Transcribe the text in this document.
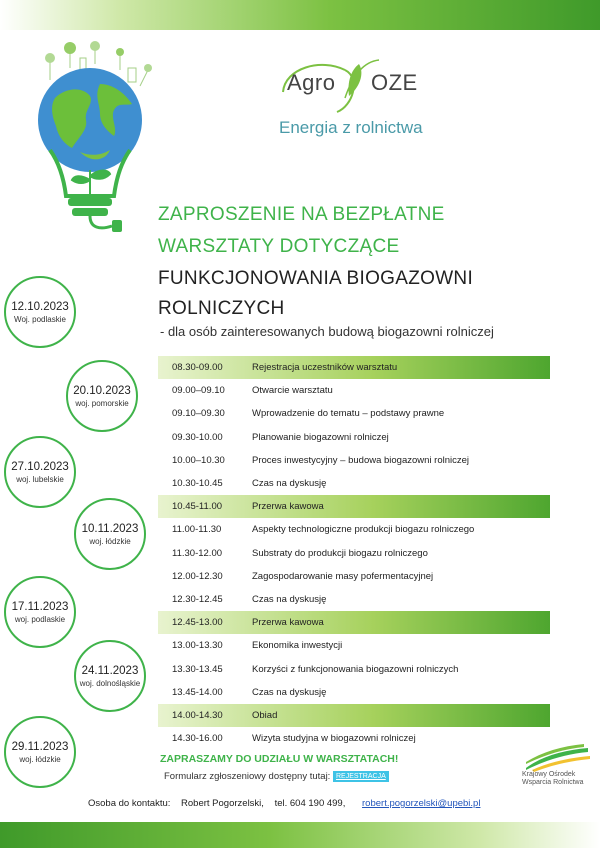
Agro OZE
Energia z rolnictwa
ZAPROSZENIE NA BEZPŁATNE
WARSZTATY DOTYCZĄCE
FUNKCJONOWANIA BIOGAZOWNI
ROLNICZYCH
- dla osób zainteresowanych budową biogazowni rolniczej
12.10.2023
Woj. podlaskie
20.10.2023
woj. pomorskie
27.10.2023
woj. lubelskie
10.11.2023
woj. łódzkie
17.11.2023
woj. podlaskie
24.11.2023
woj. dolnośląskie
29.11.2023
woj. łódzkie
08.30-09.00	Rejestracja uczestników warsztatu
09.00–09.10	Otwarcie warsztatu
09.10–09.30	Wprowadzenie do tematu – podstawy prawne
09.30-10.00	Planowanie biogazowni rolniczej
10.00–10.30	Proces inwestycyjny – budowa biogazowni rolniczej
10.30-10.45	Czas na dyskusję
10.45-11.00	Przerwa kawowa
11.00-11.30	Aspekty technologiczne produkcji biogazu rolniczego
11.30-12.00	Substraty do produkcji biogazu rolniczego
12.00-12.30	Zagospodarowanie masy pofermentacyjnej
12.30-12.45	Czas na dyskusję
12.45-13.00	Przerwa kawowa
13.00-13.30	Ekonomika inwestycji
13.30-13.45	Korzyści z funkcjonowania biogazowni rolniczych
13.45-14.00	Czas na dyskusję
14.00-14.30	Obiad
14.30-16.00	Wizyta studyjna w biogazowni rolniczej
ZAPRASZAMY DO UDZIAŁU W WARSZTATACH!
Formularz zgłoszeniowy dostępny tutaj: REJESTRACJA
Osoba do kontaktu: Robert Pogorzelski, tel. 604 190 499, robert.pogorzelski@upebi.pl
Krajowy Ośrodek
Wsparcia Rolnictwa
